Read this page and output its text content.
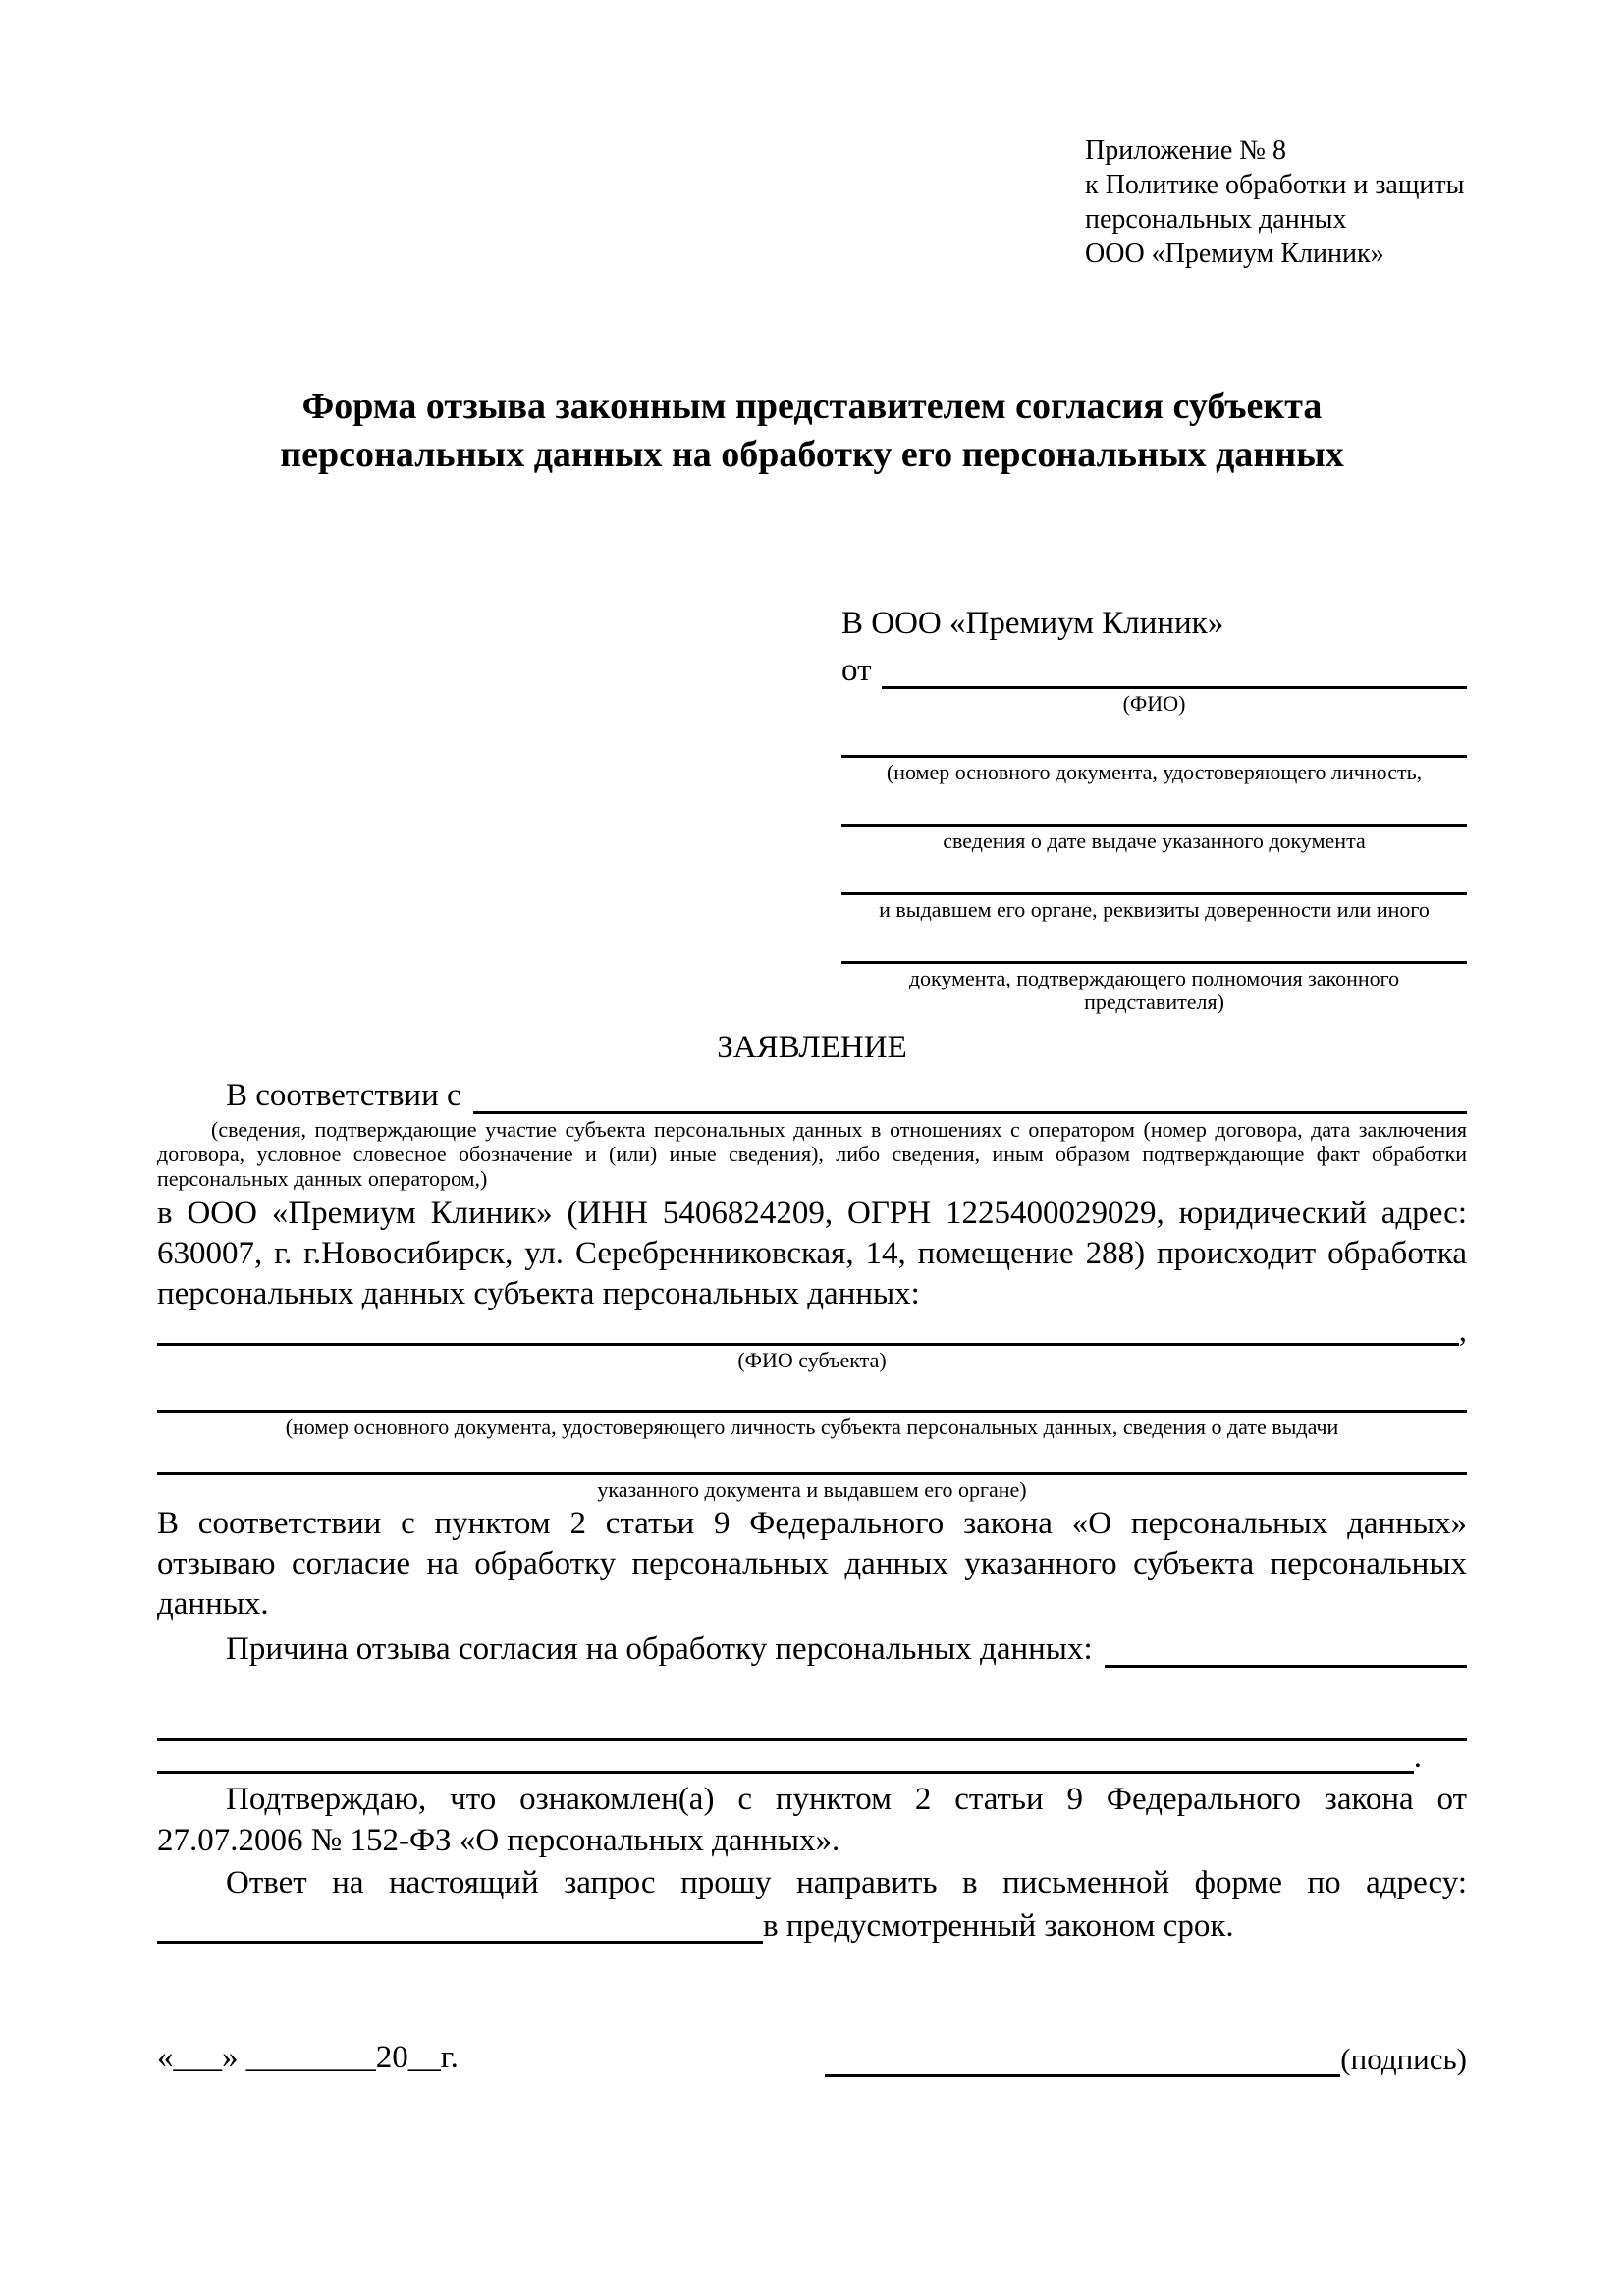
Приложение № 8
к Политике обработки и защиты
персональных данных
ООО «Премиум Клиник»
Форма отзыва законным представителем согласия субъекта персональных данных на обработку его персональных данных
В ООО «Премиум Клиник»
от
(ФИО)
(номер основного документа, удостоверяющего личность,
сведения о дате выдаче указанного документа
и выдавшем его органе, реквизиты доверенности или иного
документа, подтверждающего полномочия законного представителя)
ЗАЯВЛЕНИЕ
В соответствии с
(сведения, подтверждающие участие субъекта персональных данных в отношениях с оператором (номер договора, дата заключения договора, условное словесное обозначение и (или) иные сведения), либо сведения, иным образом подтверждающие факт обработки персональных данных оператором,)
в ООО «Премиум Клиник» (ИНН 5406824209, ОГРН 1225400029029, юридический адрес: 630007, г. г.Новосибирск, ул. Серебренниковская, 14, помещение 288) происходит обработка персональных данных субъекта персональных данных:
,
(ФИО субъекта)
(номер основного документа, удостоверяющего личность субъекта персональных данных, сведения о дате выдачи
указанного документа и выдавшем его органе)
В соответствии с пунктом 2 статьи 9 Федерального закона «О персональных данных» отзываю согласие на обработку персональных данных указанного субъекта персональных данных.
Причина отзыва согласия на обработку персональных данных:
.
Подтверждаю, что ознакомлен(а) с пунктом 2 статьи 9 Федерального закона от 27.07.2006 № 152-ФЗ «О персональных данных».
Ответ на настоящий запрос прошу направить в письменной форме по адресу:
в предусмотренный законом срок.
«___» ________20__г.	(подпись)
